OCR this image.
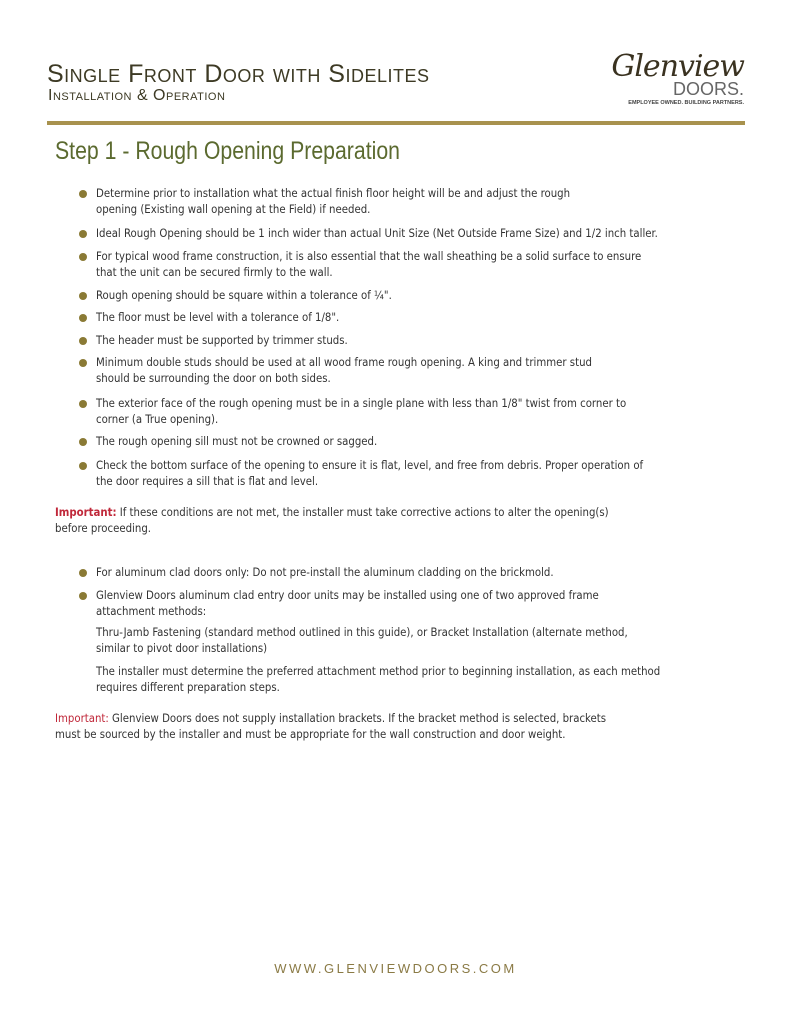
Single Front Door with Sidelites
Installation & Operation
Glenview
DOORS.
EMPLOYEE OWNED. BUILDING PARTNERS.
Step 1 - Rough Opening Preparation
Determine prior to installation what the actual finish floor height will be and adjust the rough
opening (Existing wall opening at the Field) if needed.
Ideal Rough Opening should be 1 inch wider than actual Unit Size (Net Outside Frame Size) and 1/2 inch taller.
For typical wood frame construction, it is also essential that the wall sheathing be a solid surface to ensure
that the unit can be secured firmly to the wall.
Rough opening should be square within a tolerance of ¼".
The floor must be level with a tolerance of 1/8".
The header must be supported by trimmer studs.
Minimum double studs should be used at all wood frame rough opening. A king and trimmer stud
should be surrounding the door on both sides.
The exterior face of the rough opening must be in a single plane with less than 1/8" twist from corner to
corner (a True opening).
The rough opening sill must not be crowned or sagged.
Check the bottom surface of the opening to ensure it is flat, level, and free from debris. Proper operation of
the door requires a sill that is flat and level.
Important: If these conditions are not met, the installer must take corrective actions to alter the opening(s)
before proceeding.
For aluminum clad doors only: Do not pre-install the aluminum cladding on the brickmold.
Glenview Doors aluminum clad entry door units may be installed using one of two approved frame
attachment methods:
Thru-Jamb Fastening (standard method outlined in this guide), or Bracket Installation (alternate method,
similar to pivot door installations)
The installer must determine the preferred attachment method prior to beginning installation, as each method
requires different preparation steps.
Important: Glenview Doors does not supply installation brackets. If the bracket method is selected, brackets
must be sourced by the installer and must be appropriate for the wall construction and door weight.
WWW.GLENVIEWDOORS.COM
